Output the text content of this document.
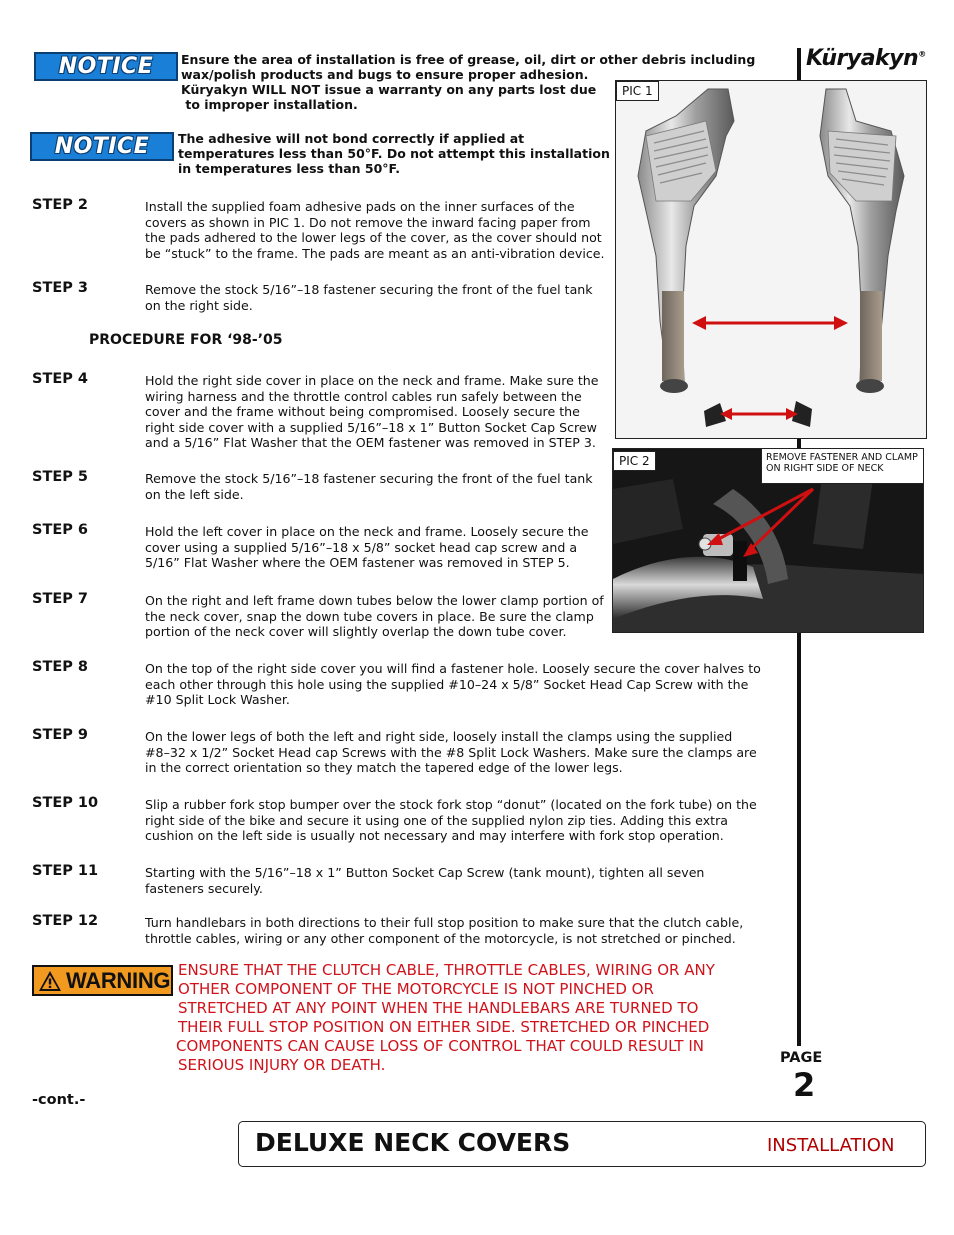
NOTICE Ensure the area of installation is free of grease, oil, dirt or other debris including
wax/polish products and bugs to ensure proper adhesion.
Küryakyn WILL NOT issue a warranty on any parts lost due
to improper installation.
NOTICE The adhesive will not bond correctly if applied at
temperatures less than 50°F. Do not attempt this installation
in temperatures less than 50°F.
Küryakyn®
PIC 1
PIC 2	REMOVE FASTENER AND CLAMP
ON RIGHT SIDE OF NECK
STEP 2	Install the supplied foam adhesive pads on the inner surfaces of the

covers as shown in PIC 1. Do not remove the inward facing paper from

the pads adhered to the lower legs of the cover, as the cover should not

be “stuck” to the frame. The pads are meant as an anti-vibration device.

STEP 3	Remove the stock 5/16”–18 fastener securing the front of the fuel tank

on the right side.

PROCEDURE FOR ‘98-’05
STEP 4	Hold the right side cover in place on the neck and frame. Make sure the

wiring harness and the throttle control cables run safely between the

cover and the frame without being compromised. Loosely secure the

right side cover with a supplied 5/16”–18 x 1” Button Socket Cap Screw

and a 5/16” Flat Washer that the OEM fastener was removed in STEP 3.

STEP 5	Remove the stock 5/16”–18 fastener securing the front of the fuel tank

on the left side.

STEP 6	Hold the left cover in place on the neck and frame. Loosely secure the

cover using a supplied 5/16”–18 x 5/8” socket head cap screw and a

5/16” Flat Washer where the OEM fastener was removed in STEP 5.

STEP 7	On the right and left frame down tubes below the lower clamp portion of

the neck cover, snap the down tube covers in place. Be sure the clamp

portion of the neck cover will slightly overlap the down tube cover.

STEP 8	On the top of the right side cover you will find a fastener hole. Loosely secure the cover halves to

each other through this hole using the supplied #10–24 x 5/8” Socket Head Cap Screw with the

#10 Split Lock Washer.

STEP 9	On the lower legs of both the left and right side, loosely install the clamps using the supplied

#8–32 x 1/2” Socket Head cap Screws with the #8 Split Lock Washers. Make sure the clamps are

in the correct orientation so they match the tapered edge of the lower legs.

STEP 10	Slip a rubber fork stop bumper over the stock fork stop “donut” (located on the fork tube) on the

right side of the bike and secure it using one of the supplied nylon zip ties. Adding this extra

cushion on the left side is usually not necessary and may interfere with fork stop operation.

STEP 11	Starting with the 5/16”–18 x 1” Button Socket Cap Screw (tank mount), tighten all seven

fasteners securely.

STEP 12	Turn handlebars in both directions to their full stop position to make sure that the clutch cable,

throttle cables, wiring or any other component of the motorcycle, is not stretched or pinched.

WARNING ENSURE THAT THE CLUTCH CABLE, THROTTLE CABLES, WIRING OR ANY

OTHER COMPONENT OF THE MOTORCYCLE IS NOT PINCHED OR

STRETCHED AT ANY POINT WHEN THE HANDLEBARS ARE TURNED TO

THEIR FULL STOP POSITION ON EITHER SIDE. STRETCHED OR PINCHED

COMPONENTS CAN CAUSE LOSS OF CONTROL THAT COULD RESULT IN

SERIOUS INJURY OR DEATH.

-cont.-
PAGE
2
DELUXE NECK COVERS	INSTALLATION
